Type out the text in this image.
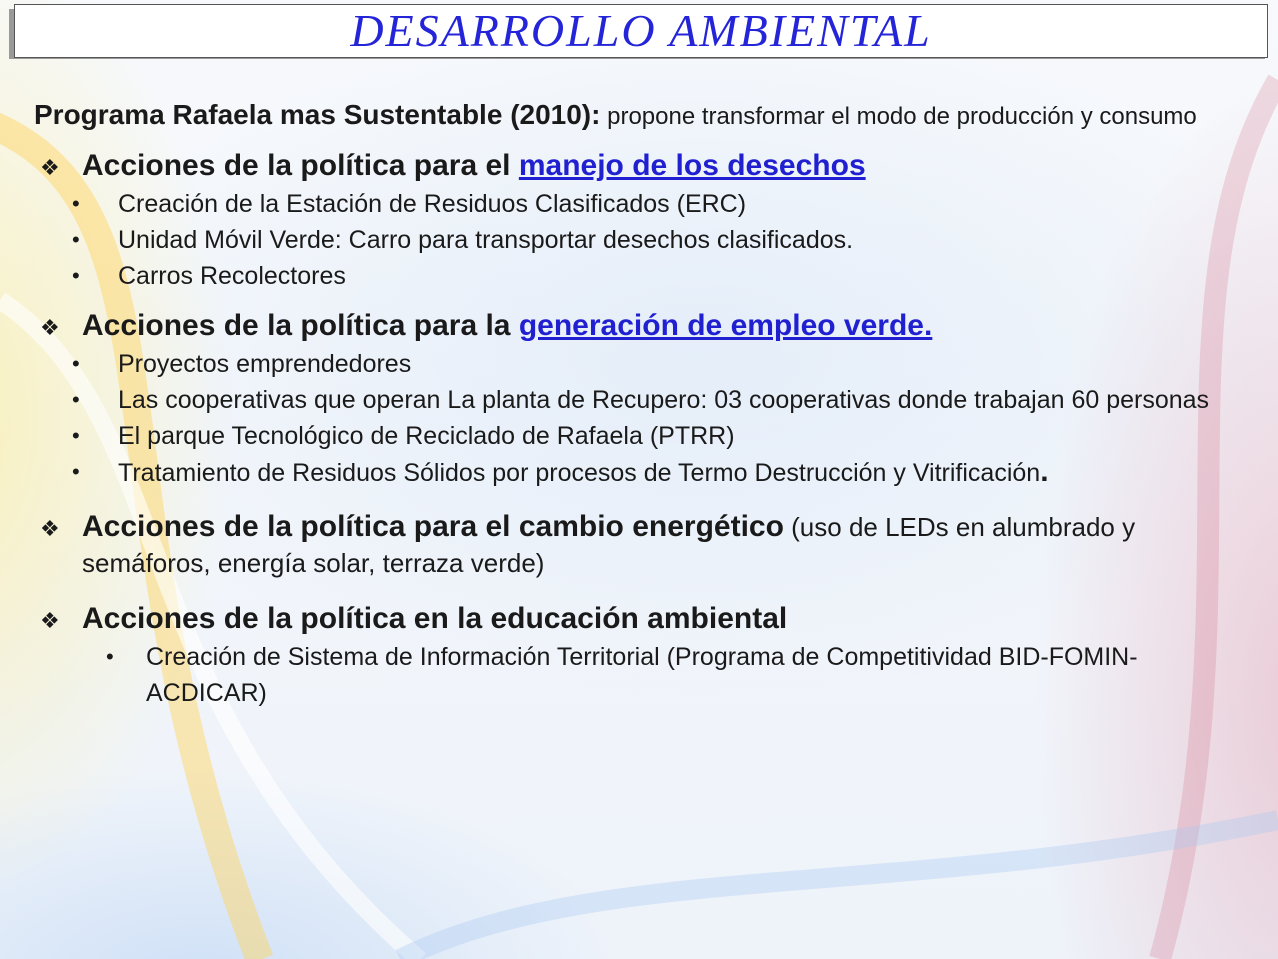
DESARROLLO AMBIENTAL

Programa Rafaela mas Sustentable (2010): propone transformar el modo de producción y consumo

❖ Acciones de la política para el manejo de los desechos
• Creación de la Estación de Residuos Clasificados (ERC)
• Unidad Móvil Verde: Carro para transportar desechos clasificados.
• Carros Recolectores
❖ Acciones de la política para la generación de empleo verde.
• Proyectos emprendedores
• Las cooperativas que operan La planta de Recupero: 03 cooperativas donde trabajan 60 personas
• El parque Tecnológico de Reciclado de Rafaela (PTRR)
• Tratamiento de Residuos Sólidos por procesos de Termo Destrucción y Vitrificación.
❖ Acciones de la política para el cambio energético (uso de LEDs en alumbrado y semáforos, energía solar, terraza verde)
❖ Acciones de la política en la educación ambiental
• Creación de Sistema de Información Territorial (Programa de Competitividad BID-FOMIN-ACDICAR)
